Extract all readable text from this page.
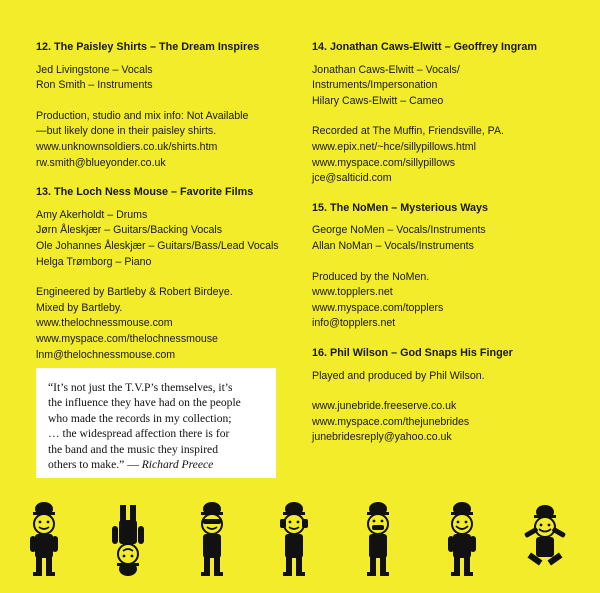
12. The Paisley Shirts – The Dream Inspires
Jed Livingstone – Vocals
Ron Smith – Instruments
Production, studio and mix info: Not Available
—but likely done in their paisley shirts.
www.unknownsoldiers.co.uk/shirts.htm
rw.smith@blueyonder.co.uk
13. The Loch Ness Mouse – Favorite Films
Amy Akerholdt – Drums
Jørn Åleskjær – Guitars/Backing Vocals
Ole Johannes Åleskjær – Guitars/Bass/Lead Vocals
Helga Trømborg – Piano
Engineered by Bartleby & Robert Birdeye.
Mixed by Bartleby.
www.thelochnessmouse.com
www.myspace.com/thelochnessmouse
lnm@thelochnessmouse.com
14. Jonathan Caws-Elwitt – Geoffrey Ingram
Jonathan Caws-Elwitt – Vocals/
Instruments/Impersonation
Hilary Caws-Elwitt – Cameo
Recorded at The Muffin, Friendsville, PA.
www.epix.net/~hce/sillypillows.html
www.myspace.com/sillypillows
jce@salticid.com
15. The NoMen – Mysterious Ways
George NoMen – Vocals/Instruments
Allan NoMan – Vocals/Instruments
Produced by the NoMen.
www.topplers.net
www.myspace.com/topplers
info@topplers.net
16. Phil Wilson – God Snaps His Finger
Played and produced by Phil Wilson.
www.junebride.freeserve.co.uk
www.myspace.com/thejunebrides
junebridesreply@yahoo.co.uk
“It’s not just the T.V.P’s themselves, it’s
the influence they have had on the people
who made the records in my collection;
… the widespread affection there is for
the band and the music they inspired
others to make.” — Richard Preece
